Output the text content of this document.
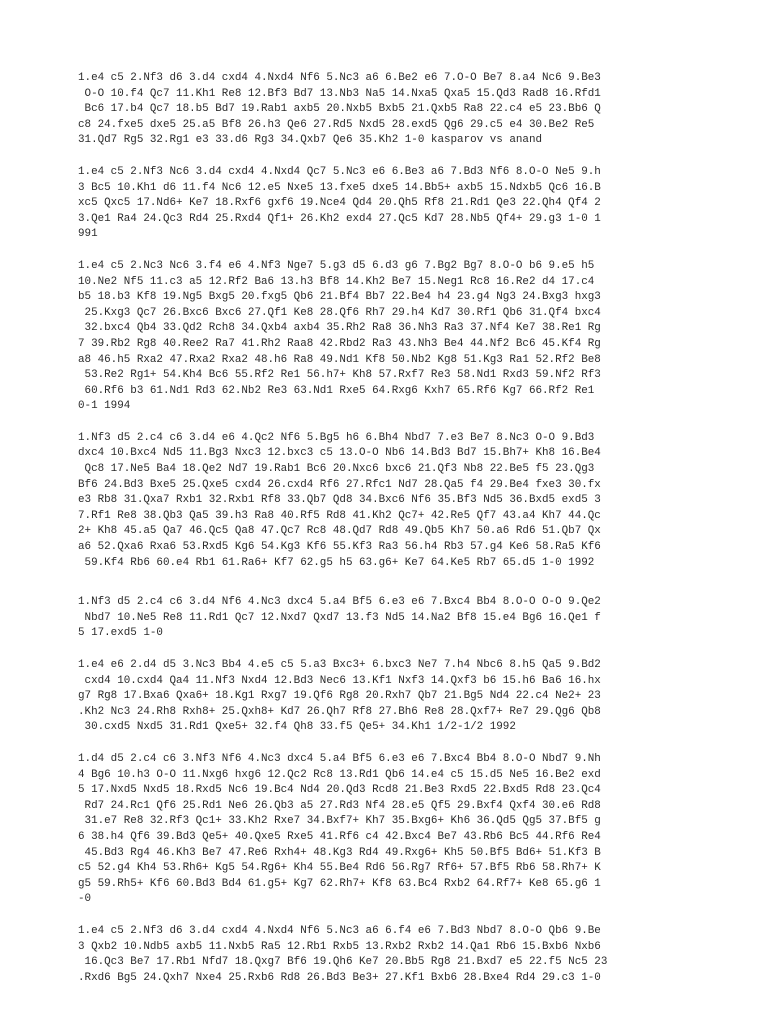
1.e4 c5 2.Nf3 d6 3.d4 cxd4 4.Nxd4 Nf6 5.Nc3 a6 6.Be2 e6 7.O-O Be7 8.a4 Nc6 9.Be3
O-O 10.f4 Qc7 11.Kh1 Re8 12.Bf3 Bd7 13.Nb3 Na5 14.Nxa5 Qxa5 15.Qd3 Rad8 16.Rfd1
Bc6 17.b4 Qc7 18.b5 Bd7 19.Rab1 axb5 20.Nxb5 Bxb5 21.Qxb5 Ra8 22.c4 e5 23.Bb6 Q
c8 24.fxe5 dxe5 25.a5 Bf8 26.h3 Qe6 27.Rd5 Nxd5 28.exd5 Qg6 29.c5 e4 30.Be2 Re5
31.Qd7 Rg5 32.Rg1 e3 33.d6 Rg3 34.Qxb7 Qe6 35.Kh2 1-0 kasparov vs anand
1.e4 c5 2.Nf3 Nc6 3.d4 cxd4 4.Nxd4 Qc7 5.Nc3 e6 6.Be3 a6 7.Bd3 Nf6 8.O-O Ne5 9.h
3 Bc5 10.Kh1 d6 11.f4 Nc6 12.e5 Nxe5 13.fxe5 dxe5 14.Bb5+ axb5 15.Ndxb5 Qc6 16.B
xc5 Qxc5 17.Nd6+ Ke7 18.Rxf6 gxf6 19.Nce4 Qd4 20.Qh5 Rf8 21.Rd1 Qe3 22.Qh4 Qf4 2
3.Qe1 Ra4 24.Qc3 Rd4 25.Rxd4 Qf1+ 26.Kh2 exd4 27.Qc5 Kd7 28.Nb5 Qf4+ 29.g3 1-0 1
991
1.e4 c5 2.Nc3 Nc6 3.f4 e6 4.Nf3 Nge7 5.g3 d5 6.d3 g6 7.Bg2 Bg7 8.O-O b6 9.e5 h5
10.Ne2 Nf5 11.c3 a5 12.Rf2 Ba6 13.h3 Bf8 14.Kh2 Be7 15.Neg1 Rc8 16.Re2 d4 17.c4
b5 18.b3 Kf8 19.Ng5 Bxg5 20.fxg5 Qb6 21.Bf4 Bb7 22.Be4 h4 23.g4 Ng3 24.Bxg3 hxg3
25.Kxg3 Qc7 26.Bxc6 Bxc6 27.Qf1 Ke8 28.Qf6 Rh7 29.h4 Kd7 30.Rf1 Qb6 31.Qf4 bxc4
32.bxc4 Qb4 33.Qd2 Rch8 34.Qxb4 axb4 35.Rh2 Ra8 36.Nh3 Ra3 37.Nf4 Ke7 38.Re1 Rg
7 39.Rb2 Rg8 40.Ree2 Ra7 41.Rh2 Raa8 42.Rbd2 Ra3 43.Nh3 Be4 44.Nf2 Bc6 45.Kf4 Rg
a8 46.h5 Rxa2 47.Rxa2 Rxa2 48.h6 Ra8 49.Nd1 Kf8 50.Nb2 Kg8 51.Kg3 Ra1 52.Rf2 Be8
53.Re2 Rg1+ 54.Kh4 Bc6 55.Rf2 Re1 56.h7+ Kh8 57.Rxf7 Re3 58.Nd1 Rxd3 59.Nf2 Rf3
60.Rf6 b3 61.Nd1 Rd3 62.Nb2 Re3 63.Nd1 Rxe5 64.Rxg6 Kxh7 65.Rf6 Kg7 66.Rf2 Re1
0-1 1994
1.Nf3 d5 2.c4 c6 3.d4 e6 4.Qc2 Nf6 5.Bg5 h6 6.Bh4 Nbd7 7.e3 Be7 8.Nc3 O-O 9.Bd3
dxc4 10.Bxc4 Nd5 11.Bg3 Nxc3 12.bxc3 c5 13.O-O Nb6 14.Bd3 Bd7 15.Bh7+ Kh8 16.Be4
Qc8 17.Ne5 Ba4 18.Qe2 Nd7 19.Rab1 Bc6 20.Nxc6 bxc6 21.Qf3 Nb8 22.Be5 f5 23.Qg3
Bf6 24.Bd3 Bxe5 25.Qxe5 cxd4 26.cxd4 Rf6 27.Rfc1 Nd7 28.Qa5 f4 29.Be4 fxe3 30.fx
e3 Rb8 31.Qxa7 Rxb1 32.Rxb1 Rf8 33.Qb7 Qd8 34.Bxc6 Nf6 35.Bf3 Nd5 36.Bxd5 exd5 3
7.Rf1 Re8 38.Qb3 Qa5 39.h3 Ra8 40.Rf5 Rd8 41.Kh2 Qc7+ 42.Re5 Qf7 43.a4 Kh7 44.Qc
2+ Kh8 45.a5 Qa7 46.Qc5 Qa8 47.Qc7 Rc8 48.Qd7 Rd8 49.Qb5 Kh7 50.a6 Rd6 51.Qb7 Qx
a6 52.Qxa6 Rxa6 53.Rxd5 Kg6 54.Kg3 Kf6 55.Kf3 Ra3 56.h4 Rb3 57.g4 Ke6 58.Ra5 Kf6
59.Kf4 Rb6 60.e4 Rb1 61.Ra6+ Kf7 62.g5 h5 63.g6+ Ke7 64.Ke5 Rb7 65.d5 1-0 1992
1.Nf3 d5 2.c4 c6 3.d4 Nf6 4.Nc3 dxc4 5.a4 Bf5 6.e3 e6 7.Bxc4 Bb4 8.O-O O-O 9.Qe2
Nbd7 10.Ne5 Re8 11.Rd1 Qc7 12.Nxd7 Qxd7 13.f3 Nd5 14.Na2 Bf8 15.e4 Bg6 16.Qe1 f
5 17.exd5 1-0
1.e4 e6 2.d4 d5 3.Nc3 Bb4 4.e5 c5 5.a3 Bxc3+ 6.bxc3 Ne7 7.h4 Nbc6 8.h5 Qa5 9.Bd2
cxd4 10.cxd4 Qa4 11.Nf3 Nxd4 12.Bd3 Nec6 13.Kf1 Nxf3 14.Qxf3 b6 15.h6 Ba6 16.hx
g7 Rg8 17.Bxa6 Qxa6+ 18.Kg1 Rxg7 19.Qf6 Rg8 20.Rxh7 Qb7 21.Bg5 Nd4 22.c4 Ne2+ 23
.Kh2 Nc3 24.Rh8 Rxh8+ 25.Qxh8+ Kd7 26.Qh7 Rf8 27.Bh6 Re8 28.Qxf7+ Re7 29.Qg6 Qb8
30.cxd5 Nxd5 31.Rd1 Qxe5+ 32.f4 Qh8 33.f5 Qe5+ 34.Kh1 1/2-1/2 1992
1.d4 d5 2.c4 c6 3.Nf3 Nf6 4.Nc3 dxc4 5.a4 Bf5 6.e3 e6 7.Bxc4 Bb4 8.O-O Nbd7 9.Nh
4 Bg6 10.h3 O-O 11.Nxg6 hxg6 12.Qc2 Rc8 13.Rd1 Qb6 14.e4 c5 15.d5 Ne5 16.Be2 exd
5 17.Nxd5 Nxd5 18.Rxd5 Nc6 19.Bc4 Nd4 20.Qd3 Rcd8 21.Be3 Rxd5 22.Bxd5 Rd8 23.Qc4
Rd7 24.Rc1 Qf6 25.Rd1 Ne6 26.Qb3 a5 27.Rd3 Nf4 28.e5 Qf5 29.Bxf4 Qxf4 30.e6 Rd8
31.e7 Re8 32.Rf3 Qc1+ 33.Kh2 Rxe7 34.Bxf7+ Kh7 35.Bxg6+ Kh6 36.Qd5 Qg5 37.Bf5 g
6 38.h4 Qf6 39.Bd3 Qe5+ 40.Qxe5 Rxe5 41.Rf6 c4 42.Bxc4 Be7 43.Rb6 Bc5 44.Rf6 Re4
45.Bd3 Rg4 46.Kh3 Be7 47.Re6 Rxh4+ 48.Kg3 Rd4 49.Rxg6+ Kh5 50.Bf5 Bd6+ 51.Kf3 B
c5 52.g4 Kh4 53.Rh6+ Kg5 54.Rg6+ Kh4 55.Be4 Rd6 56.Rg7 Rf6+ 57.Bf5 Rb6 58.Rh7+ K
g5 59.Rh5+ Kf6 60.Bd3 Bd4 61.g5+ Kg7 62.Rh7+ Kf8 63.Bc4 Rxb2 64.Rf7+ Ke8 65.g6 1
-0
1.e4 c5 2.Nf3 d6 3.d4 cxd4 4.Nxd4 Nf6 5.Nc3 a6 6.f4 e6 7.Bd3 Nbd7 8.O-O Qb6 9.Be
3 Qxb2 10.Ndb5 axb5 11.Nxb5 Ra5 12.Rb1 Rxb5 13.Rxb2 Rxb2 14.Qa1 Rb6 15.Bxb6 Nxb6
16.Qc3 Be7 17.Rb1 Nfd7 18.Qxg7 Bf6 19.Qh6 Ke7 20.Bb5 Rg8 21.Bxd7 e5 22.f5 Nc5 23
.Rxd6 Bg5 24.Qxh7 Nxe4 25.Rxb6 Rd8 26.Bd3 Be3+ 27.Kf1 Bxb6 28.Bxe4 Rd4 29.c3 1-0
